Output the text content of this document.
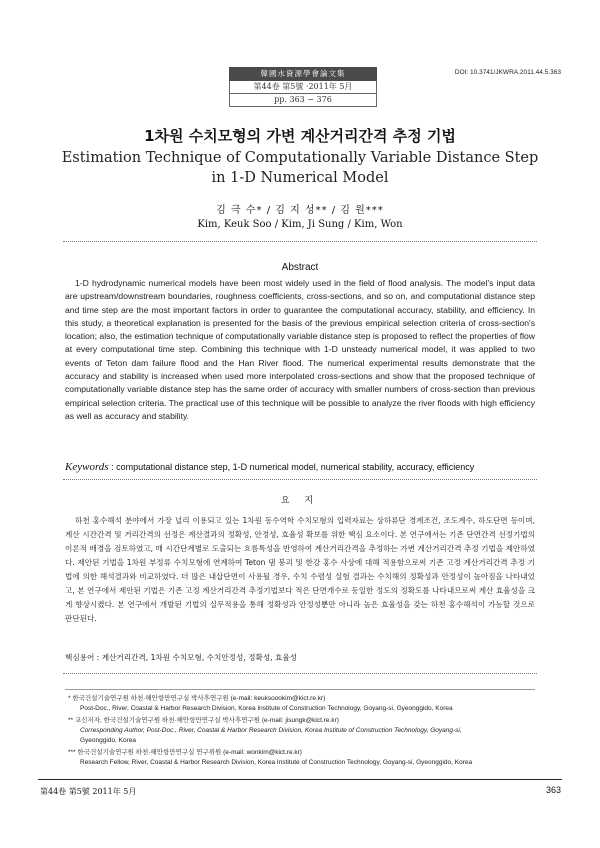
韓國水資源學會論文集
第44卷 第5號 ·2011年 5月
pp. 363 ~ 376
DOI: 10.3741/JKWRA.2011.44.5.363
1차원 수치모형의 가변 계산거리간격 추정 기법
Estimation Technique of Computationally Variable Distance Step in 1-D Numerical Model
김 극 수* / 김 지 성** / 김 원***
Kim, Keuk Soo / Kim, Ji Sung / Kim, Won
Abstract
1-D hydrodynamic numerical models have been most widely used in the field of flood analysis. The model's input data are upstream/downstream boundaries, roughness coefficients, cross-sections, and so on, and computational distance step and time step are the most important factors in order to guarantee the computational accuracy, stability, and efficiency. In this study, a theoretical explanation is presented for the basis of the previous empirical selection criteria of cross-section's location; also, the estimation technique of computationally variable distance step is proposed to reflect the properties of flow at every computational time step. Combining this technique with 1-D unsteady numerical model, it was applied to two events of Teton dam failure flood and the Han River flood. The numerical experimental results demonstrate that the accuracy and stability is increased when used more interpolated cross-sections and show that the proposed technique of computationally variable distance step has the same order of accuracy with smaller numbers of cross-section than previous empirical selection criteria. The practical use of this technique will be possible to analyze the river floods with high efficiency as well as accuracy and stability.
Keywords : computational distance step, 1-D numerical model, numerical stability, accuracy, efficiency
요 지
하천 홍수해석 분야에서 가장 널리 이용되고 있는 1차원 동수역학 수치모형의 입력자료는 상하류단 경계조건, 조도계수, 하도단면 등이며, 계산 시간간격 및 거리간격의 선정은 계산결과의 정확성, 안정성, 효율성 확보를 위한 핵심 요소이다. 본 연구에서는 기존 단면간격 선정기법의 이론적 배경을 검토하였고, 매 시간단계별로 도출되는 흐름특성을 반영하여 계산거리간격을 추정하는 가변 계산거리간격 추정 기법을 제안하였다. 제안된 기법을 1차원 부정류 수치모형에 연계하여 Teton 댐 붕괴 및 한강 홍수 사상에 대해 적용함으로써 기존 고정 계산거리간격 추정 기법에 의한 해석결과와 비교하였다. 더 많은 내삽단면이 사용될 경우, 수치 수렴성 실험 결과는 수치해의 정확성과 안정성이 높아짐을 나타내었고, 본 연구에서 제안된 기법은 기존 고정 계산거리간격 추정기법보다 적은 단면개수로 동일한 정도의 정확도를 나타내므로써 계산 효율성을 크게 향상시켰다. 본 연구에서 개발된 기법의 실무적용을 통해 정확성과 안정성뿐만 아니라 높은 효율성을 갖는 하천 홍수해석이 가능할 것으로 판단된다.
핵심용어 : 계산거리간격, 1차원 수치모형, 수치안정성, 정확성, 효율성
* 한국건설기술연구원 하천·해안항만연구실 박사후연구원 (e-mail: keuksoookim@kict.re.kr)
Post-Doc., River, Coastal & Harbor Research Division, Korea Institute of Construction Technology, Goyang-si, Gyeonggido, Korea
** 교신저자, 한국건설기술연구원 하천·해안항만연구실 박사후연구원 (e-mail: jisungk@kict.re.kr)
Corresponding Author, Post-Doc., River, Coastal & Harbor Research Division, Korea Institute of Construction Technology, Goyang-si,
Gyeonggido, Korea
*** 한국건설기술연구원 하천·해안항만연구실 연구위원 (e-mail: wonkim@kict.re.kr)
Research Fellow, River, Coastal & Harbor Research Division, Korea Institute of Construction Technology, Goyang-si, Gyeonggido, Korea
第44卷 第5號 2011年 5月	363
